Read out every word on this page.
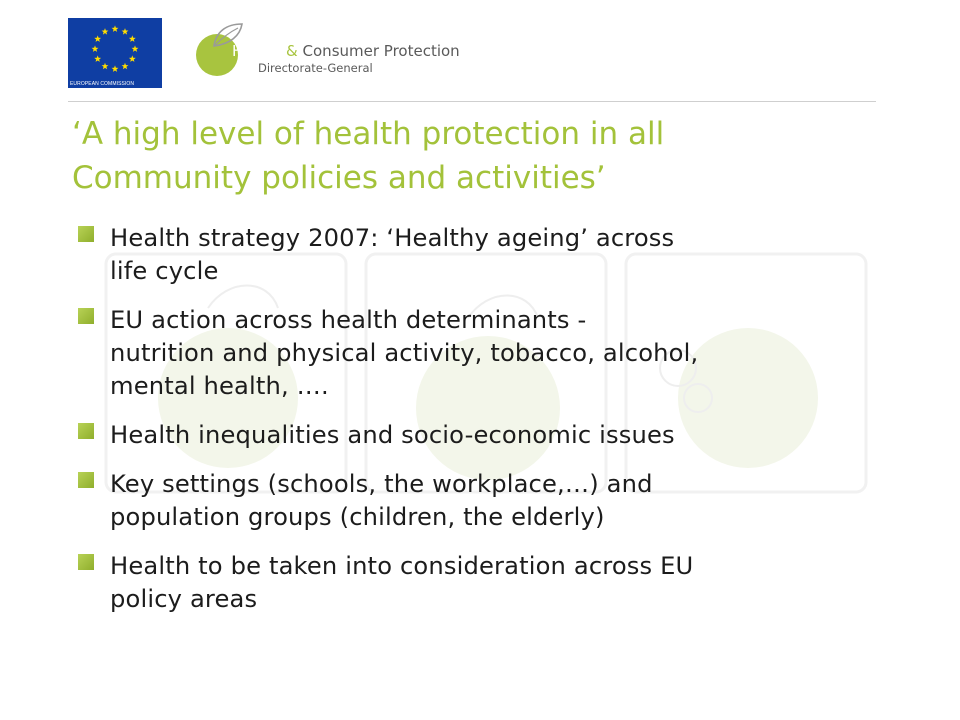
EUROPEAN COMMISSION
Health & Consumer Protection
Directorate-General
‘A high level of health protection in all
Community policies and activities’
Health strategy 2007: ‘Healthy ageing’ across
life cycle
EU action across health determinants -
nutrition and physical activity, tobacco, alcohol,
mental health, ….
Health inequalities and socio-economic issues
Key settings (schools, the workplace,…) and
population groups (children, the elderly)
Health to be taken into consideration across EU
policy areas
